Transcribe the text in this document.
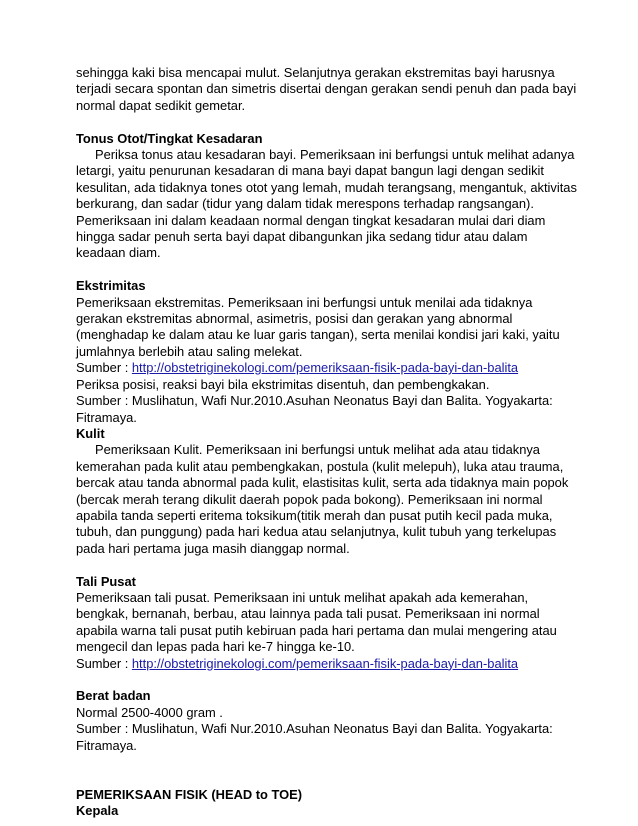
sehingga kaki bisa mencapai mulut. Selanjutnya gerakan ekstremitas bayi harusnya
terjadi secara spontan dan simetris disertai dengan gerakan sendi penuh dan pada bayi
normal dapat sedikit gemetar.
Tonus Otot/Tingkat Kesadaran
Periksa tonus atau kesadaran bayi. Pemeriksaan ini berfungsi untuk melihat adanya
letargi, yaitu penurunan kesadaran di mana bayi dapat bangun lagi dengan sedikit
kesulitan, ada tidaknya tones otot yang lemah, mudah terangsang, mengantuk, aktivitas
berkurang, dan sadar (tidur yang dalam tidak merespons terhadap rangsangan).
Pemeriksaan ini dalam keadaan normal dengan tingkat kesadaran mulai dari diam
hingga sadar penuh serta bayi dapat dibangunkan jika sedang tidur atau dalam
keadaan diam.
Ekstrimitas
Pemeriksaan ekstremitas. Pemeriksaan ini berfungsi untuk menilai ada tidaknya
gerakan ekstremitas abnormal, asimetris, posisi dan gerakan yang abnormal
(menghadap ke dalam atau ke luar garis tangan), serta menilai kondisi jari kaki, yaitu
jumlahnya berlebih atau saling melekat.
Sumber : http://obstetriginekologi.com/pemeriksaan-fisik-pada-bayi-dan-balita
Periksa posisi, reaksi bayi bila ekstrimitas disentuh, dan pembengkakan.
Sumber : Muslihatun, Wafi Nur.2010.Asuhan Neonatus Bayi dan Balita. Yogyakarta:
Fitramaya.
Kulit
Pemeriksaan Kulit. Pemeriksaan ini berfungsi untuk melihat ada atau tidaknya
kemerahan pada kulit atau pembengkakan, postula (kulit melepuh), luka atau trauma,
bercak atau tanda abnormal pada kulit, elastisitas kulit, serta ada tidaknya main popok
(bercak merah terang dikulit daerah popok pada bokong). Pemeriksaan ini normal
apabila tanda seperti eritema toksikum(titik merah dan pusat putih kecil pada muka,
tubuh, dan punggung) pada hari kedua atau selanjutnya, kulit tubuh yang terkelupas
pada hari pertama juga masih dianggap normal.
Tali Pusat
Pemeriksaan tali pusat. Pemeriksaan ini untuk melihat apakah ada kemerahan,
bengkak, bernanah, berbau, atau lainnya pada tali pusat. Pemeriksaan ini normal
apabila warna tali pusat putih kebiruan pada hari pertama dan mulai mengering atau
mengecil dan lepas pada hari ke-7 hingga ke-10.
Sumber : http://obstetriginekologi.com/pemeriksaan-fisik-pada-bayi-dan-balita
Berat badan
Normal 2500-4000 gram .
Sumber : Muslihatun, Wafi Nur.2010.Asuhan Neonatus Bayi dan Balita. Yogyakarta:
Fitramaya.
PEMERIKSAAN FISIK (HEAD to TOE)
Kepala
